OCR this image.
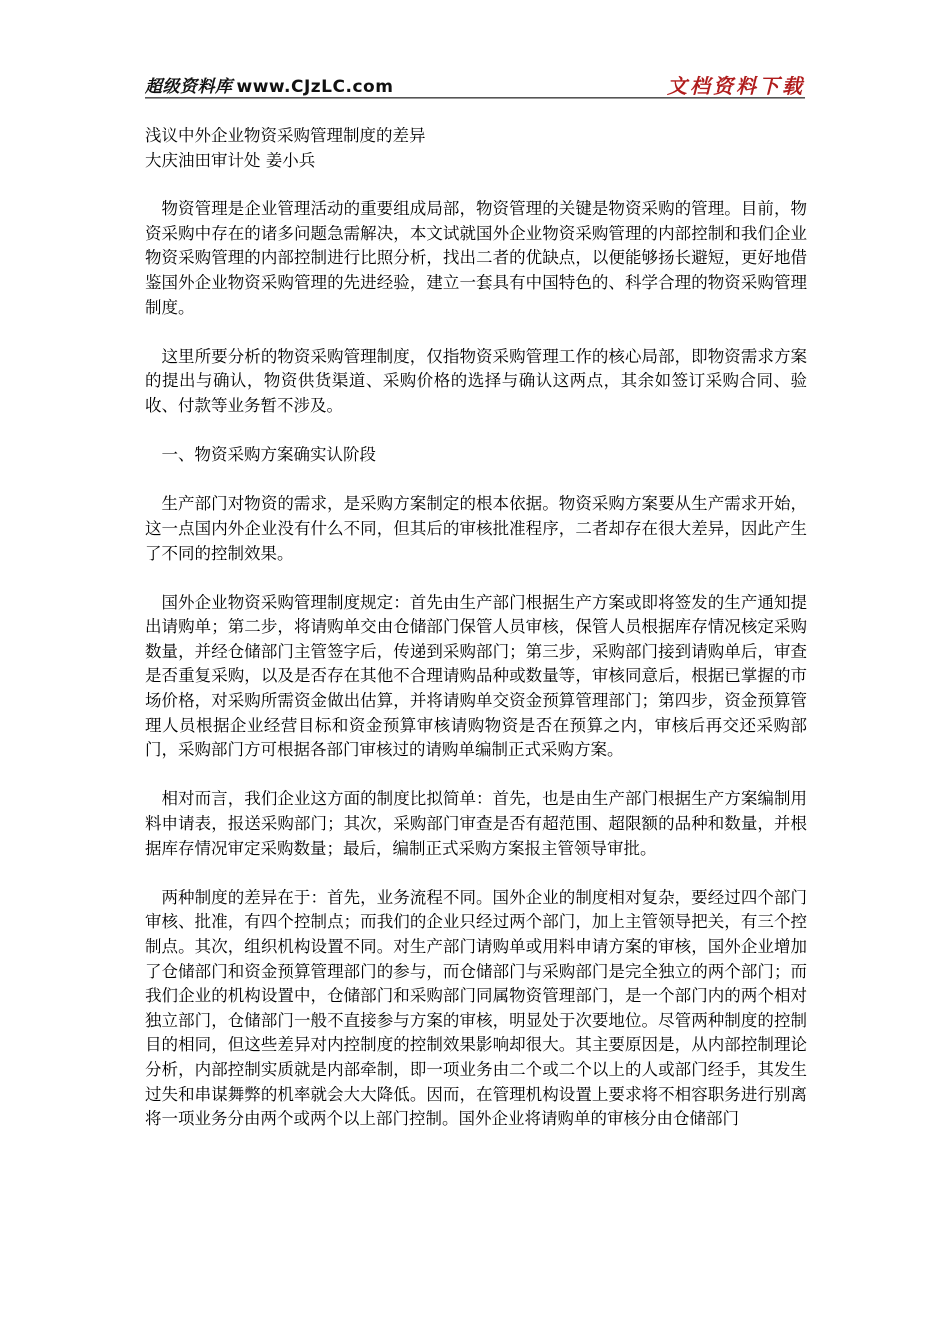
超级资料库 www.CJzLC.com	文档资料下载

浅议中外企业物资采购管理制度的差异

大庆油田审计处 姜小兵

物资管理是企业管理活动的重要组成局部，物资管理的关键是物资采购的管理。目前，物资采购中存在的诸多问题急需解决，本文试就国外企业物资采购管理的内部控制和我们企业物资采购管理的内部控制进行比照分析，找出二者的优缺点，以便能够扬长避短，更好地借鉴国外企业物资采购管理的先进经验，建立一套具有中国特色的、科学合理的物资采购管理制度。

这里所要分析的物资采购管理制度，仅指物资采购管理工作的核心局部，即物资需求方案的提出与确认，物资供货渠道、采购价格的选择与确认这两点，其余如签订采购合同、验收、付款等业务暂不涉及。

一、物资采购方案确实认阶段

生产部门对物资的需求，是采购方案制定的根本依据。物资采购方案要从生产需求开始，这一点国内外企业没有什么不同，但其后的审核批准程序，二者却存在很大差异，因此产生了不同的控制效果。

国外企业物资采购管理制度规定：首先由生产部门根据生产方案或即将签发的生产通知提出请购单；第二步，将请购单交由仓储部门保管人员审核，保管人员根据库存情况核定采购数量，并经仓储部门主管签字后，传递到采购部门；第三步，采购部门接到请购单后，审查是否重复采购，以及是否存在其他不合理请购品种或数量等，审核同意后，根据已掌握的市场价格，对采购所需资金做出估算，并将请购单交资金预算管理部门；第四步，资金预算管理人员根据企业经营目标和资金预算审核请购物资是否在预算之内，审核后再交还采购部门，采购部门方可根据各部门审核过的请购单编制正式采购方案。

相对而言，我们企业这方面的制度比拟简单：首先，也是由生产部门根据生产方案编制用料申请表，报送采购部门；其次，采购部门审查是否有超范围、超限额的品种和数量，并根据库存情况审定采购数量；最后，编制正式采购方案报主管领导审批。

两种制度的差异在于：首先，业务流程不同。国外企业的制度相对复杂，要经过四个部门审核、批准，有四个控制点；而我们的企业只经过两个部门，加上主管领导把关，有三个控制点。其次，组织机构设置不同。对生产部门请购单或用料申请方案的审核，国外企业增加了仓储部门和资金预算管理部门的参与，而仓储部门与采购部门是完全独立的两个部门；而我们企业的机构设置中，仓储部门和采购部门同属物资管理部门，是一个部门内的两个相对独立部门，仓储部门一般不直接参与方案的审核，明显处于次要地位。尽管两种制度的控制目的相同，但这些差异对内控制度的控制效果影响却很大。其主要原因是，从内部控制理论分析，内部控制实质就是内部牵制，即一项业务由二个或二个以上的人或部门经手，其发生过失和串谋舞弊的机率就会大大降低。因而，在管理机构设置上要求将不相容职务进行别离将一项业务分由两个或两个以上部门控制。国外企业将请购单的审核分由仓储部门
